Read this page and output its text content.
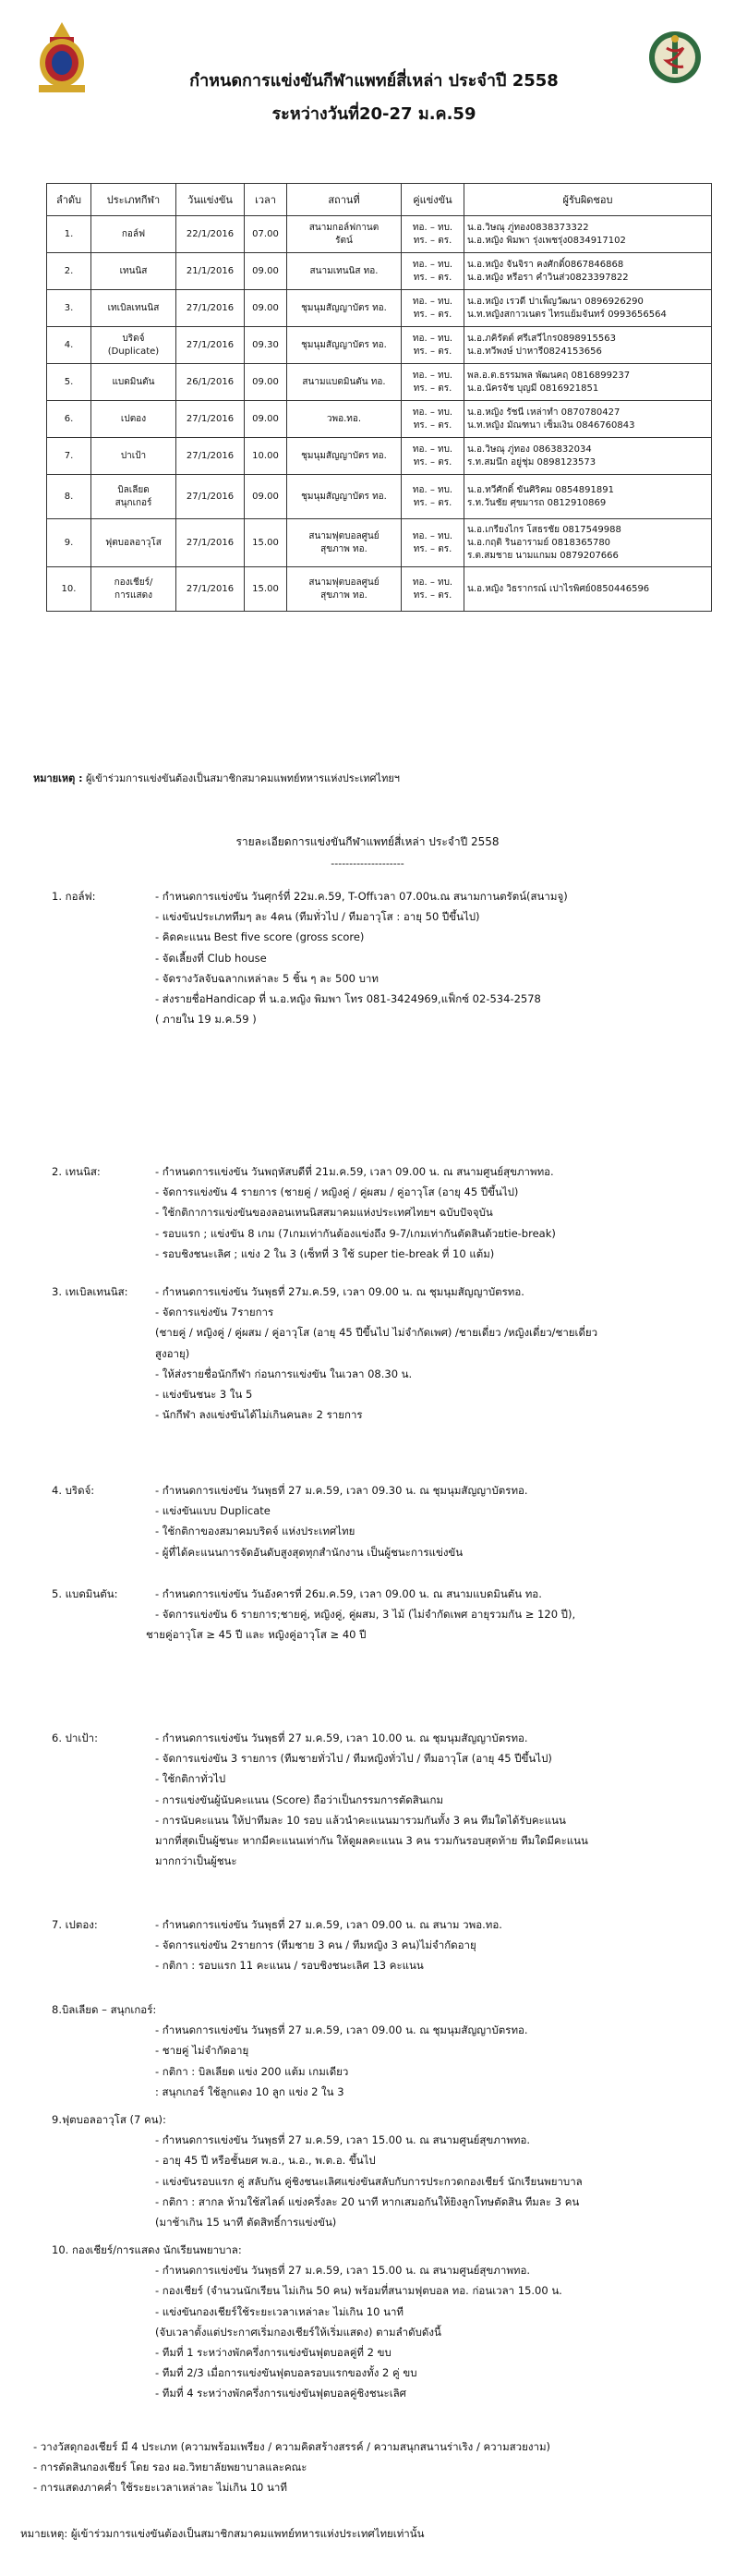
กำหนดการแข่งขันกีฬาแพทย์สี่เหล่า ประจำปี 2558
ระหว่างวันที่20-27 ม.ค.59
ลำดับ	ประเภทกีฬา	วันแข่งขัน	เวลา	สถานที่	คู่แข่งขัน	ผู้รับผิดชอบ
1.	กอล์ฟ	22/1/2016	07.00	สนามกอล์ฟกานต
รัตน์	ทอ. – ทบ.
ทร. – ตร.	น.อ.วิษณุ ภู่ทอง0838373322
น.อ.หญิง พิมพา รุ่งเพชรุ่ง0834917102

2.	เทนนิส	21/1/2016	09.00	สนามเทนนิส ทอ.	ทอ. – ทบ.
ทร. – ตร.	น.อ.หญิง จันจิรา คงศักดิ์0867846868
น.อ.หญิง หรีอรา คำวินส่ว0823397822

3.	เทเบิลเทนนิส	27/1/2016	09.00	ชุมนุมสัญญาบัตร ทอ.	ทอ. – ทบ.
ทร. – ตร.	น.อ.หญิง เรวดี ปาเพ็ญวัฒนา 0896926290
น.ท.หญิงสกาวเนตร ไทรแย้มจันทร์ 0993656564

4.	บริดจ์
(Duplicate)	27/1/2016	09.30	ชุมนุมสัญญาบัตร ทอ.	ทอ. – ทบ.
ทร. – ตร.	น.อ.ภคิรัตต์ ศรีเสวีไกร0898915563
น.อ.ทวีพงษ์ ปาหารี0824153656

5.	แบดมินตัน	26/1/2016	09.00	สนามแบดมินตัน ทอ.	ทอ. – ทบ.
ทร. – ตร.	พล.อ.ต.ธรรมพล พัฒนคฤ 0816899237
น.อ.นัครจัช บุญมี 0816921851

6.	เปตอง	27/1/2016	09.00	วพอ.ทอ.	ทอ. – ทบ.
ทร. – ตร.	น.อ.หญิง รัชนี เหล่าทำ 0870780427
น.ท.หญิง มัณฑนา เซ็มเงิน 0846760843

7.	ปาเป้า	27/1/2016	10.00	ชุมนุมสัญญาบัตร ทอ.	ทอ. – ทบ.
ทร. – ตร.	น.อ.วิษณุ ภู่ทอง 0863832034
ร.ท.สมนึก อยู่ชุ่ม 0898123573

8.	บิลเลียด
สนุกเกอร์	27/1/2016	09.00	ชุมนุมสัญญาบัตร ทอ.	ทอ. – ทบ.
ทร. – ตร.	น.อ.ทวีศักดิ์ ขันศิริคม 0854891891
ร.ท.วันชัย ศุขมารถ 0812910869

9.	ฟุตบอลอาวุโส	27/1/2016	15.00	สนามฟุตบอลศูนย์
สุขภาพ ทอ.	ทอ. – ทบ.
ทร. – ตร.	น.อ.เกรียงไกร โสธรชัย 0817549988
น.อ.กฤติ รินอารามย์ 0818365780
ร.ต.สมชาย นามแกมม 0879207666

10.	กองเชียร์/
การแสดง	27/1/2016	15.00	สนามฟุตบอลศูนย์
สุขภาพ ทอ.	ทอ. – ทบ.
ทร. – ตร.	น.อ.หญิง วิธรากรณ์ เปาไรพิศย์0850446596
หมายเหตุ : ผู้เข้าร่วมการแข่งขันต้องเป็นสมาชิกสมาคมแพทย์ทหารแห่งประเทศไทยฯ
รายละเอียดการแข่งขันกีฬาแพทย์สี่เหล่า ประจำปี 2558
--------------------
1. กอล์ฟ:	- กำหนดการแข่งขัน วันศุกร์ที่ 22ม.ค.59, T-Offเวลา 07.00น.ณ สนามกานตรัตน์(สนามจู)
- แข่งขันประเภททีมๆ ละ 4คน (ทีมทั่วไป / ทีมอาวุโส : อายุ 50 ปีขึ้นไป)
- คิดคะแนน Best five score (gross score)
- จัดเลี้ยงที่ Club house
- จัดรางวัลจับฉลากเหล่าละ 5 ชิ้น ๆ ละ 500 บาท
- ส่งรายชื่อHandicap ที่ น.อ.หญิง พิมพา โทร 081-3424969,แฟ็กซ์ 02-534-2578
( ภายใน 19 ม.ค.59 )
2. เทนนิส:	- กำหนดการแข่งขัน วันพฤหัสบดีที่ 21ม.ค.59, เวลา 09.00 น. ณ สนามศูนย์สุขภาพทอ.
- จัดการแข่งขัน 4 รายการ (ชายคู่ / หญิงคู่ / คู่ผสม / คู่อาวุโส (อายุ 45 ปีขึ้นไป)
- ใช้กติกาการแข่งขันของลอนเทนนิสสมาคมแห่งประเทศไทยฯ ฉบับปัจจุบัน
- รอบแรก ; แข่งขัน 8 เกม (7เกมเท่ากันต้องแข่งถึง 9-7/เกมเท่ากันตัดสินด้วยtie-break)
- รอบชิงชนะเลิศ ; แข่ง 2 ใน 3 (เซ็ทที่ 3 ใช้ super tie-break ที่ 10 แต้ม)
3. เทเบิลเทนนิส:	- กำหนดการแข่งขัน วันพุธที่ 27ม.ค.59, เวลา 09.00 น. ณ ชุมนุมสัญญาบัตรทอ.
- จัดการแข่งขัน 7รายการ
(ชายคู่ / หญิงคู่ / คู่ผสม / คู่อาวุโส (อายุ 45 ปีขึ้นไป ไม่จำกัดเพศ) /ชายเดี่ยว /หญิงเดี่ยว/ชายเดี่ยว
สูงอายุ)
- ให้ส่งรายชื่อนักกีฬา ก่อนการแข่งขัน ในเวลา 08.30 น.
- แข่งขันชนะ 3 ใน 5
- นักกีฬา ลงแข่งขันได้ไม่เกินคนละ 2 รายการ
4. บริดจ์:	- กำหนดการแข่งขัน วันพุธที่ 27 ม.ค.59, เวลา 09.30 น. ณ ชุมนุมสัญญาบัตรทอ.
- แข่งขันแบบ Duplicate
- ใช้กติกาของสมาคมบริดจ์ แห่งประเทศไทย
- ผู้ที่ได้คะแนนการจัดอันดับสูงสุดทุกสำนักงาน เป็นผู้ชนะการแข่งขัน
5. แบดมินตัน:	- กำหนดการแข่งขัน วันอังคารที่ 26ม.ค.59, เวลา 09.00 น. ณ สนามแบดมินตัน ทอ.
- จัดการแข่งขัน 6 รายการ;ชายคู่, หญิงคู่, คู่ผสม, 3 ไม้ (ไม่จำกัดเพศ อายุรวมกัน ≥ 120 ปี),
ชายคู่อาวุโส ≥ 45 ปี และ หญิงคู่อาวุโส ≥ 40 ปี
6. ปาเป้า:	- กำหนดการแข่งขัน วันพุธที่ 27 ม.ค.59, เวลา 10.00 น. ณ ชุมนุมสัญญาบัตรทอ.
- จัดการแข่งขัน 3 รายการ (ทีมชายทั่วไป / ทีมหญิงทั่วไป / ทีมอาวุโส (อายุ 45 ปีขึ้นไป)
- ใช้กติกาทั่วไป
- การแข่งขันผู้นับคะแนน (Score) ถือว่าเป็นกรรมการตัดสินเกม
- การนับคะแนน ให้ปาทีมละ 10 รอบ แล้วนำคะแนนมารวมกันทั้ง 3 คน ทีมใดได้รับคะแนน
มากที่สุดเป็นผู้ชนะ หากมีคะแนนเท่ากัน ให้ดูผลคะแนน 3 คน รวมกันรอบสุดท้าย ทีมใดมีคะแนน
มากกว่าเป็นผู้ชนะ
7. เปตอง:	- กำหนดการแข่งขัน วันพุธที่ 27 ม.ค.59, เวลา 09.00 น. ณ สนาม วพอ.ทอ.
- จัดการแข่งขัน 2รายการ (ทีมชาย 3 คน / ทีมหญิง 3 คน)ไม่จำกัดอายุ
- กติกา : รอบแรก 11 คะแนน / รอบชิงชนะเลิศ 13 คะแนน
8.บิลเลียด – สนุกเกอร์:
- กำหนดการแข่งขัน วันพุธที่ 27 ม.ค.59, เวลา 09.00 น. ณ ชุมนุมสัญญาบัตรทอ.
- ชายคู่ ไม่จำกัดอายุ
- กติกา : บิลเลียด แข่ง 200 แต้ม เกมเดียว
: สนุกเกอร์ ใช้ลูกแดง 10 ลูก แข่ง 2 ใน 3
9.ฟุตบอลอาวุโส (7 คน):
- กำหนดการแข่งขัน วันพุธที่ 27 ม.ค.59, เวลา 15.00 น. ณ สนามศูนย์สุขภาพทอ.
- อายุ 45 ปี หรือชั้นยศ พ.อ., น.อ., พ.ต.อ. ขึ้นไป
- แข่งขันรอบแรก คู่ สลับกัน คู่ชิงชนะเลิศแข่งขันสลับกับการประกวดกองเชียร์ นักเรียนพยาบาล
- กติกา : สากล ห้ามใช้สไลด์ แข่งครึ่งละ 20 นาที หากเสมอกันให้ยิงลูกโทษตัดสิน ทีมละ 3 คน
(มาช้าเกิน 15 นาที ตัดสิทธิ์การแข่งขัน)
10. กองเชียร์/การแสดง นักเรียนพยาบาล:
- กำหนดการแข่งขัน วันพุธที่ 27 ม.ค.59, เวลา 15.00 น. ณ สนามศูนย์สุขภาพทอ.
- กองเชียร์ (จำนวนนักเรียน ไม่เกิน 50 คน) พร้อมที่สนามฟุตบอล ทอ. ก่อนเวลา 15.00 น.
- แข่งขันกองเชียร์ใช้ระยะเวลาเหล่าละ ไม่เกิน 10 นาที
(จับเวลาตั้งแต่ประกาศเริ่มกองเชียร์ให้เริ่มแสดง) ตามลำดับดังนี้
- ทีมที่ 1 ระหว่างพักครึ่งการแข่งขันฟุตบอลคู่ที่ 2 ขบ
- ทีมที่ 2/3 เมื่อการแข่งขันฟุตบอลรอบแรกของทั้ง 2 คู่ ขบ
- ทีมที่ 4 ระหว่างพักครึ่งการแข่งขันฟุตบอลคู่ชิงชนะเลิศ
- วางวัสดุกองเชียร์ มี 4 ประเภท (ความพร้อมเพรียง / ความคิดสร้างสรรค์ / ความสนุกสนานร่าเริง / ความสวยงาม)
- การตัดสินกองเชียร์ โดย รอง ผอ.วิทยาลัยพยาบาลและคณะ
- การแสดงภาคค่ำ ใช้ระยะเวลาเหล่าละ ไม่เกิน 10 นาที
หมายเหตุ: ผู้เข้าร่วมการแข่งขันต้องเป็นสมาชิกสมาคมแพทย์ทหารแห่งประเทศไทยเท่านั้น
